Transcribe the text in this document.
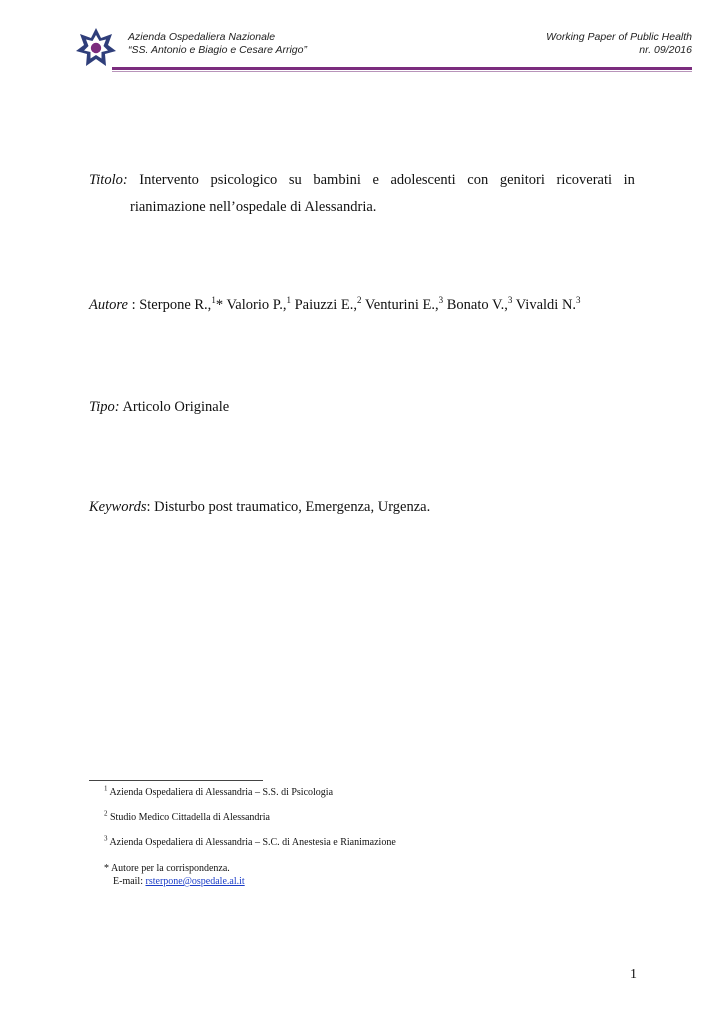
Azienda Ospedaliera Nazionale
“SS. Antonio e Biagio e Cesare Arrigo”
Working Paper of Public Health
nr. 09/2016
Titolo: Intervento psicologico su bambini e adolescenti con genitori ricoverati in
rianimazione nell’ospedale di Alessandria.
Autore : Sterpone R.,$^1$* Valorio P.,$^1$ Paiuzzi E.,$^2$ Venturini E.,$^3$ Bonato V.,$^3$ Vivaldi N.$^3$
Tipo: Articolo Originale
Keywords: Disturbo post traumatico, Emergenza, Urgenza.
$^1$ Azienda Ospedaliera di Alessandria – S.S. di Psicologia
$^2$ Studio Medico Cittadella di Alessandria
$^3$ Azienda Ospedaliera di Alessandria – S.C. di Anestesia e Rianimazione
* Autore per la corrispondenza.
E-mail: rsterpone@ospedale.al.it
1
